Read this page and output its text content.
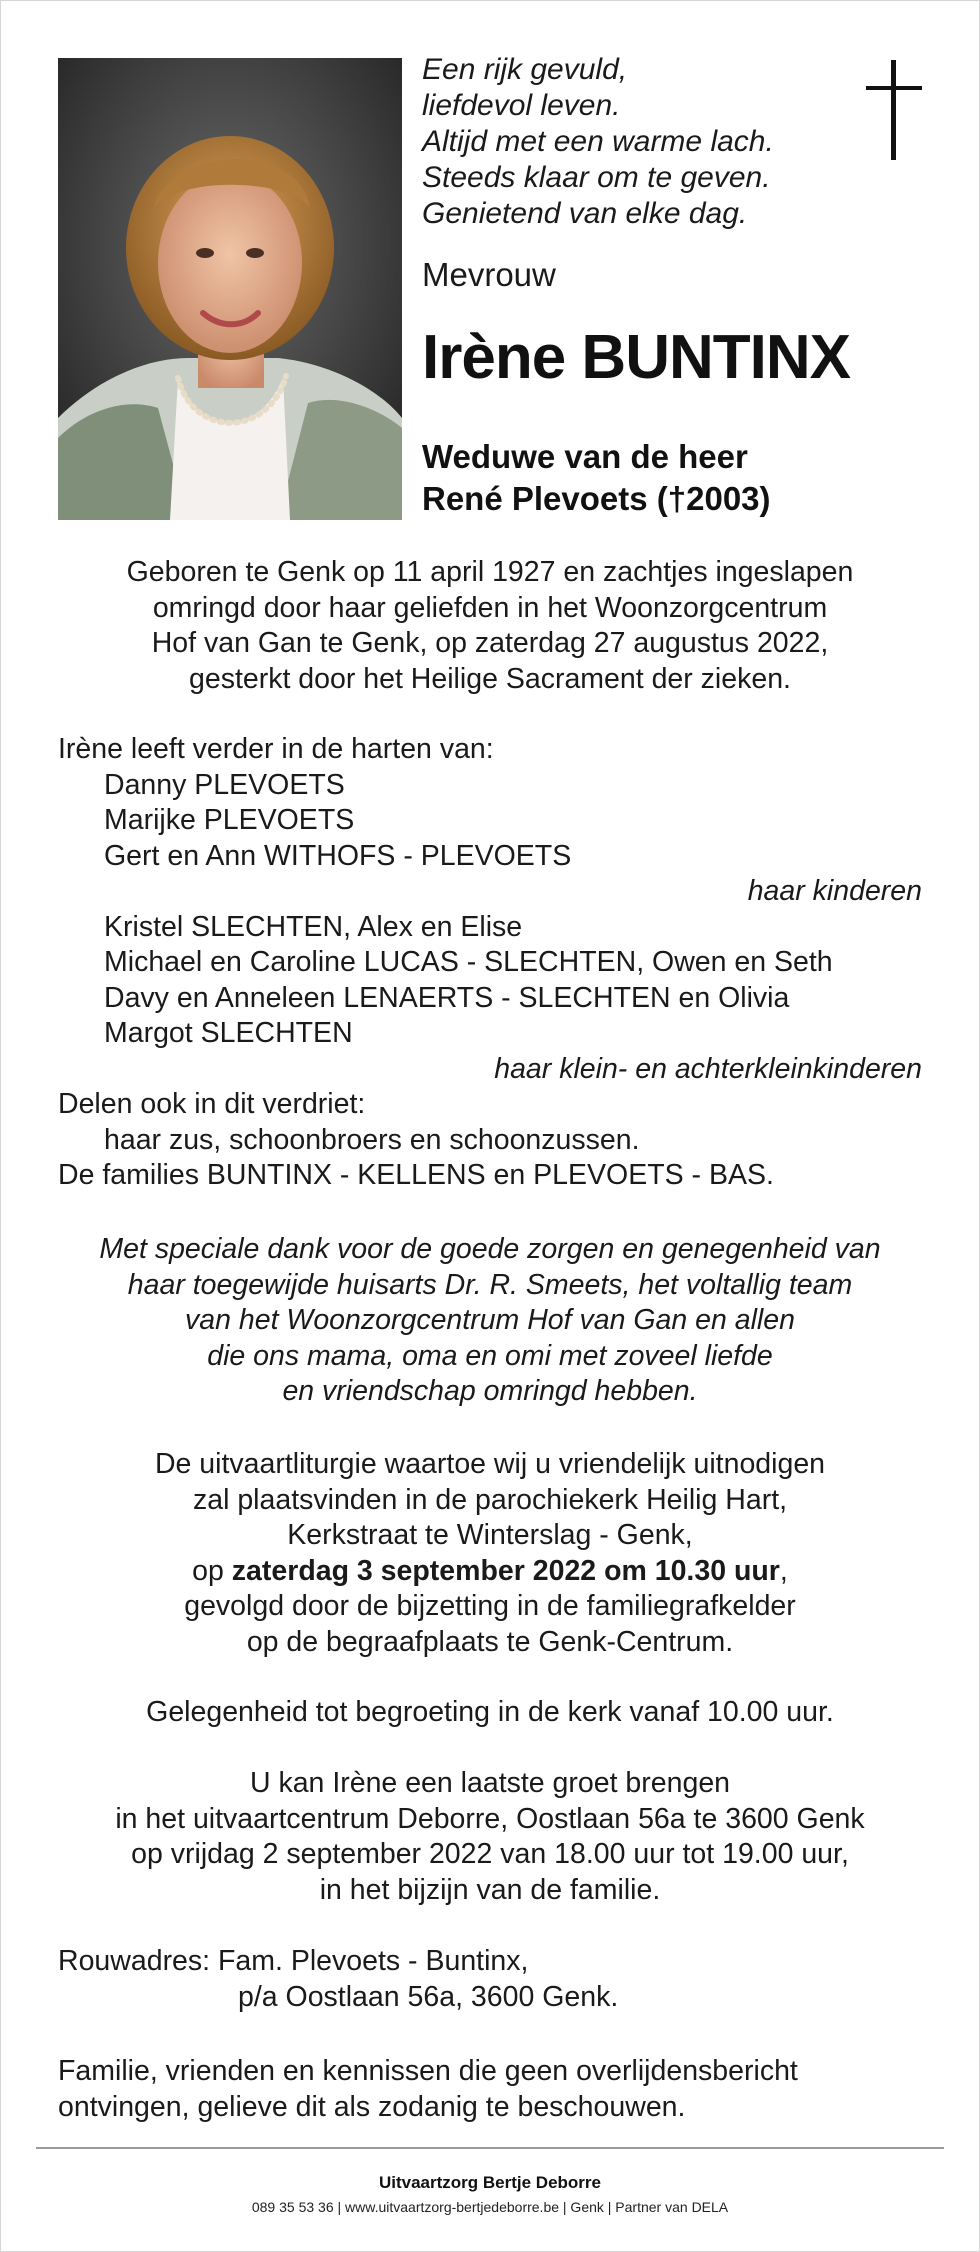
Een rijk gevuld,
liefdevol leven.
Altijd met een warme lach.
Steeds klaar om te geven.
Genietend van elke dag.
Mevrouw
Irène BUNTINX
Weduwe van de heer
René Plevoets (†2003)
Geboren te Genk op 11 april 1927 en zachtjes ingeslapen
omringd door haar geliefden in het Woonzorgcentrum
Hof van Gan te Genk, op zaterdag 27 augustus 2022,
gesterkt door het Heilige Sacrament der zieken.
Irène leeft verder in de harten van:
Danny PLEVOETS
Marijke PLEVOETS
Gert en Ann WITHOFS - PLEVOETS
haar kinderen
Kristel SLECHTEN, Alex en Elise
Michael en Caroline LUCAS - SLECHTEN, Owen en Seth
Davy en Anneleen LENAERTS - SLECHTEN en Olivia
Margot SLECHTEN
haar klein- en achterkleinkinderen
Delen ook in dit verdriet:
haar zus, schoonbroers en schoonzussen.
De families BUNTINX - KELLENS en PLEVOETS - BAS.
Met speciale dank voor de goede zorgen en genegenheid van
haar toegewijde huisarts Dr. R. Smeets, het voltallig team
van het Woonzorgcentrum Hof van Gan en allen
die ons mama, oma en omi met zoveel liefde
en vriendschap omringd hebben.
De uitvaartliturgie waartoe wij u vriendelijk uitnodigen
zal plaatsvinden in de parochiekerk Heilig Hart,
Kerkstraat te Winterslag - Genk,
op zaterdag 3 september 2022 om 10.30 uur,
gevolgd door de bijzetting in de familiegrafkelder
op de begraafplaats te Genk-Centrum.
Gelegenheid tot begroeting in de kerk vanaf 10.00 uur.
U kan Irène een laatste groet brengen
in het uitvaartcentrum Deborre, Oostlaan 56a te 3600 Genk
op vrijdag 2 september 2022 van 18.00 uur tot 19.00 uur,
in het bijzijn van de familie.
Rouwadres: Fam. Plevoets - Buntinx,
p/a Oostlaan 56a, 3600 Genk.
Familie, vrienden en kennissen die geen overlijdensbericht
ontvingen, gelieve dit als zodanig te beschouwen.
Uitvaartzorg Bertje Deborre
089 35 53 36 | www.uitvaartzorg-bertjedeborre.be | Genk | Partner van DELA
